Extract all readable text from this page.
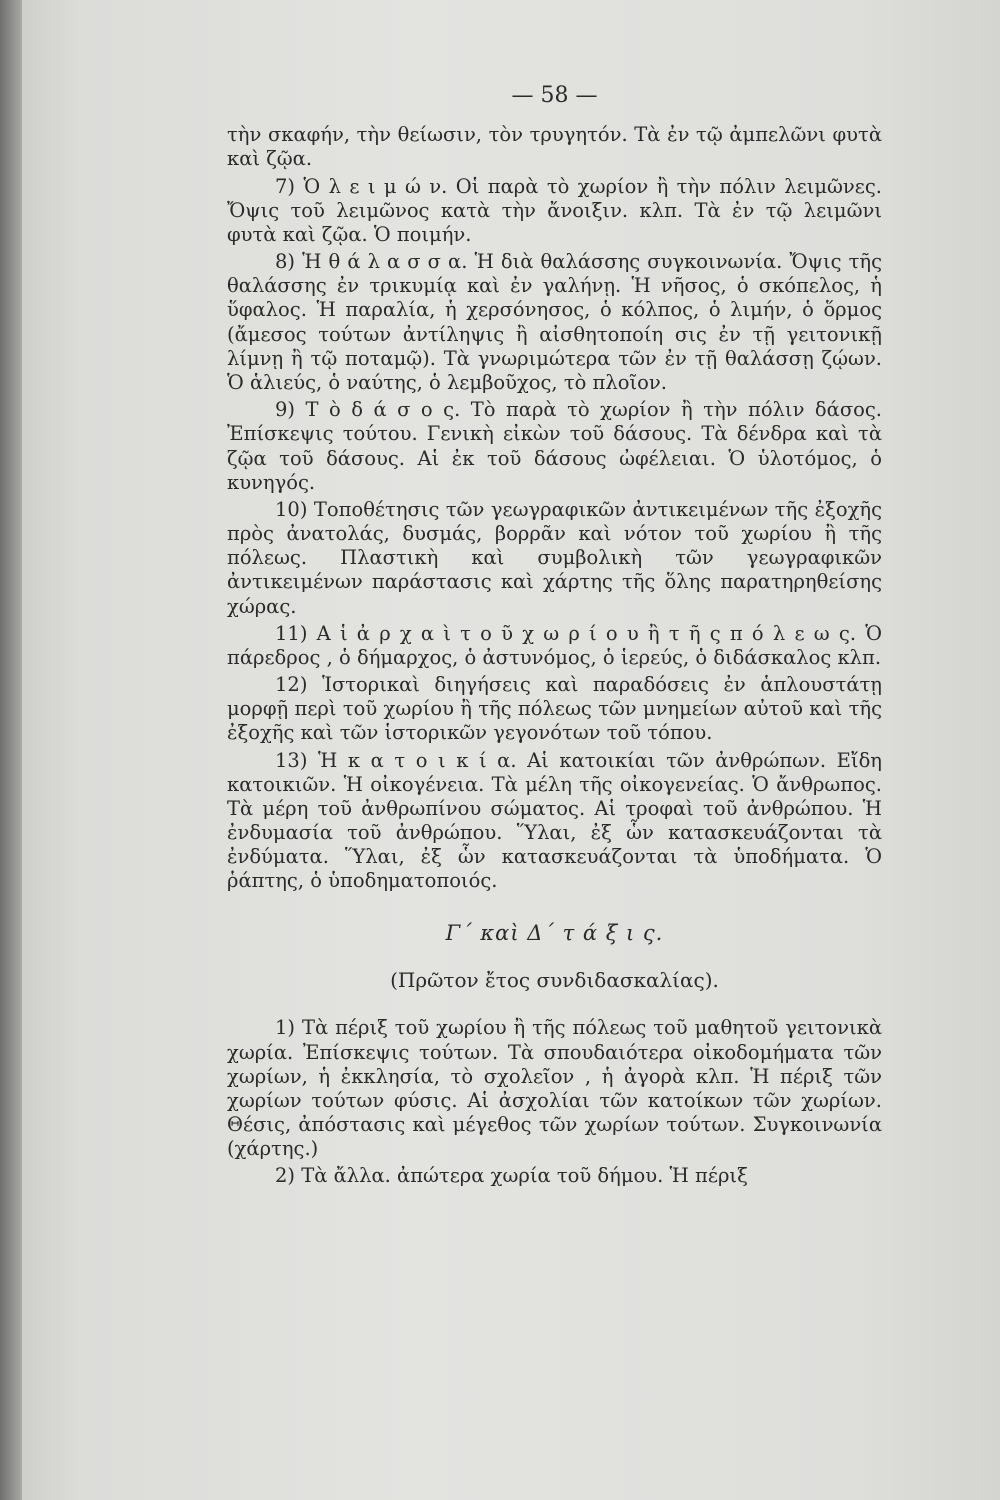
— 58 —

τὴν σκαφήν, τὴν θείωσιν, τὸν τρυγητόν. Τὰ ἐν τῷ ἀμπελῶνι φυτὰ καὶ ζῷα.

7) Ὁ λ ε ι μ ώ ν. Οἱ παρὰ τὸ χωρίον ἢ τὴν πόλιν λειμῶνες. Ὄψις τοῦ λειμῶνος κατὰ τὴν ἄνοιξιν. κλπ. Τὰ ἐν τῷ λειμῶνι φυτὰ καὶ ζῷα. Ὁ ποιμήν.

8) Ἡ θ ά λ α σ σ α. Ἡ διὰ θαλάσσης συγκοινωνία. Ὄψις τῆς θαλάσσης ἐν τρικυμίᾳ καὶ ἐν γαλήνῃ. Ἡ νῆσος, ὁ σκόπελος, ἡ ὕφαλος. Ἡ παραλία, ἡ χερσόνησος, ὁ κόλπος, ὁ λιμήν, ὁ ὅρμος (ἄμεσος τούτων ἀντίληψις ἢ αἰσθητοποίη σις ἐν τῇ γειτονικῇ λίμνῃ ἢ τῷ ποταμῷ). Τὰ γνωριμώτερα τῶν ἐν τῇ θαλάσσῃ ζῴων. Ὁ ἁλιεύς, ὁ ναύτης, ὁ λεμβοῦχος, τὸ πλοῖον.

9) Τ ὸ δ ά σ ο ς. Τὸ παρὰ τὸ χωρίον ἢ τὴν πόλιν δάσος. Ἐπίσκεψις τούτου. Γενικὴ εἰκὼν τοῦ δάσους. Τὰ δένδρα καὶ τὰ ζῷα τοῦ δάσους. Αἱ ἐκ τοῦ δάσους ὠφέλειαι. Ὁ ὑλοτόμος, ὁ κυνηγός.

10) Τοποθέτησις τῶν γεωγραφικῶν ἀντικειμένων τῆς ἐξοχῆς πρὸς ἀνατολάς, δυσμάς, βορρᾶν καὶ νότον τοῦ χωρίου ἢ τῆς πόλεως. Πλαστικὴ καὶ συμβολικὴ τῶν γεωγραφικῶν ἀντικειμένων παράστασις καὶ χάρτης τῆς ὅλης παρατηρηθείσης χώρας.

11) Α ἱ ἀ ρ χ α ὶ τ ο ῦ χ ω ρ ί ο υ ἢ τ ῆ ς π ό λ ε ω ς. Ὁ πάρεδρος , ὁ δήμαρχος, ὁ ἀστυνόμος, ὁ ἱερεύς, ὁ διδάσκαλος κλπ.

12) Ἱστορικαὶ διηγήσεις καὶ παραδόσεις ἐν ἁπλουστάτῃ μορφῇ περὶ τοῦ χωρίου ἢ τῆς πόλεως τῶν μνημείων αὐτοῦ καὶ τῆς ἐξοχῆς καὶ τῶν ἱστορικῶν γεγονότων τοῦ τόπου.

13) Ἡ κ α τ ο ι κ ί α. Αἱ κατοικίαι τῶν ἀνθρώπων. Εἴδη κατοικιῶν. Ἡ οἰκογένεια. Τὰ μέλη τῆς οἰκογενείας. Ὁ ἄνθρωπος. Τὰ μέρη τοῦ ἀνθρωπίνου σώματος. Αἱ τροφαὶ τοῦ ἀνθρώπου. Ἡ ἐνδυμασία τοῦ ἀνθρώπου. Ὕλαι, ἐξ ὧν κατασκευάζονται τὰ ἐνδύματα. Ὕλαι, ἐξ ὧν κατασκευάζονται τὰ ὑποδήματα. Ὁ ῥάπτης, ὁ ὑποδηματοποιός.

Γ΄ καὶ Δ΄ τ ά ξ ι ς.
(Πρῶτον ἔτος συνδιδασκαλίας).

1) Τὰ πέριξ τοῦ χωρίου ἢ τῆς πόλεως τοῦ μαθητοῦ γειτονικὰ χωρία. Ἐπίσκεψις τούτων. Τὰ σπουδαιότερα οἰκοδομήματα τῶν χωρίων, ἡ ἐκκλησία, τὸ σχολεῖον , ἡ ἀγορὰ κλπ. Ἡ πέριξ τῶν χωρίων τούτων φύσις. Αἱ ἀσχολίαι τῶν κατοίκων τῶν χωρίων. Θέσις, ἀπόστασις καὶ μέγεθος τῶν χωρίων τούτων. Συγκοινωνία (χάρτης.)

2) Τὰ ἄλλα. ἀπώτερα χωρία τοῦ δήμου. Ἡ πέριξ
